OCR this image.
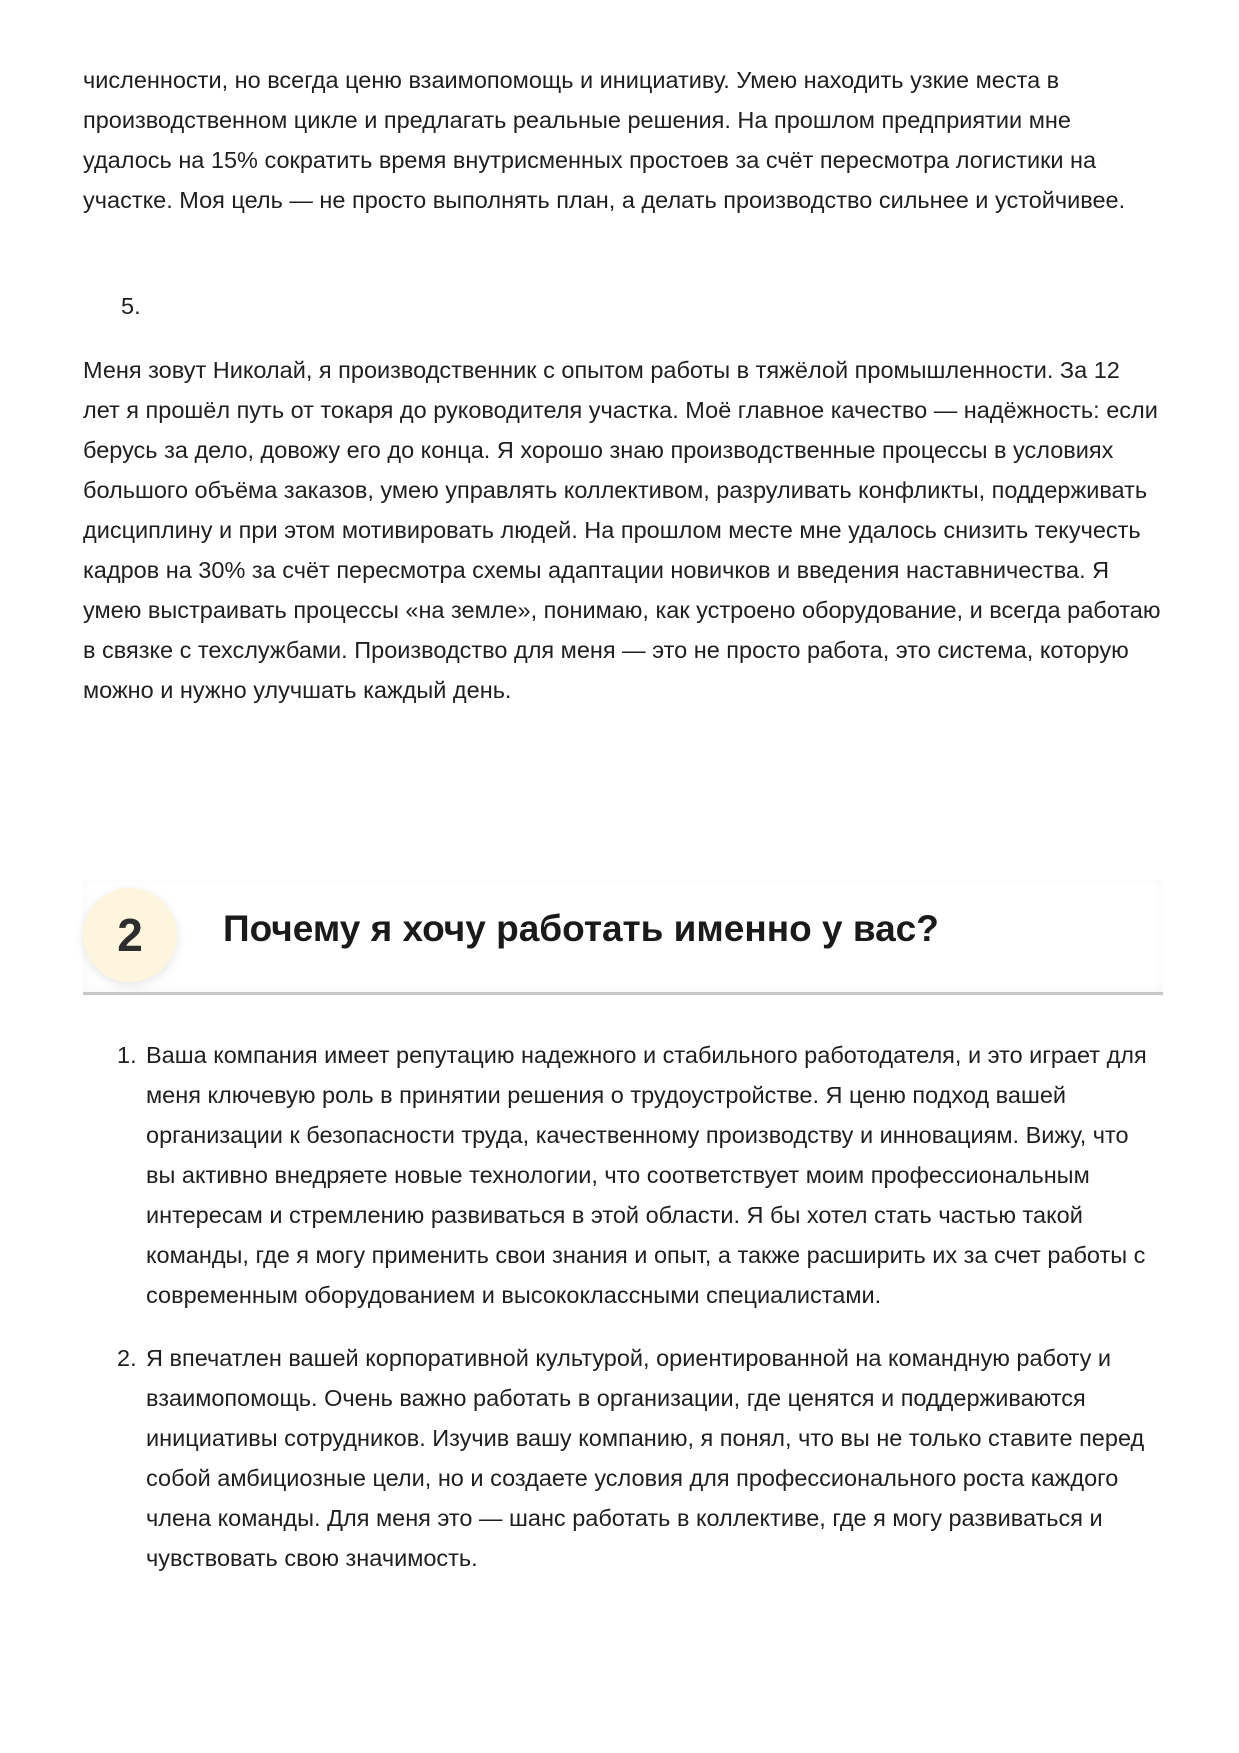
численности, но всегда ценю взаимопомощь и инициативу. Умею находить узкие места в производственном цикле и предлагать реальные решения. На прошлом предприятии мне удалось на 15% сократить время внутрисменных простоев за счёт пересмотра логистики на участке. Моя цель — не просто выполнять план, а делать производство сильнее и устойчивее.

5.

Меня зовут Николай, я производственник с опытом работы в тяжёлой промышленности. За 12 лет я прошёл путь от токаря до руководителя участка. Моё главное качество — надёжность: если берусь за дело, довожу его до конца. Я хорошо знаю производственные процессы в условиях большого объёма заказов, умею управлять коллективом, разруливать конфликты, поддерживать дисциплину и при этом мотивировать людей. На прошлом месте мне удалось снизить текучесть кадров на 30% за счёт пересмотра схемы адаптации новичков и введения наставничества. Я умею выстраивать процессы «на земле», понимаю, как устроено оборудование, и всегда работаю в связке с техслужбами. Производство для меня — это не просто работа, это система, которую можно и нужно улучшать каждый день.

2	Почему я хочу работать именно у вас?
1. Ваша компания имеет репутацию надежного и стабильного работодателя, и это играет для меня ключевую роль в принятии решения о трудоустройстве. Я ценю подход вашей организации к безопасности труда, качественному производству и инновациям. Вижу, что вы активно внедряете новые технологии, что соответствует моим профессиональным интересам и стремлению развиваться в этой области. Я бы хотел стать частью такой команды, где я могу применить свои знания и опыт, а также расширить их за счет работы с современным оборудованием и высококлассными специалистами.
2. Я впечатлен вашей корпоративной культурой, ориентированной на командную работу и взаимопомощь. Очень важно работать в организации, где ценятся и поддерживаются инициативы сотрудников. Изучив вашу компанию, я понял, что вы не только ставите перед собой амбициозные цели, но и создаете условия для профессионального роста каждого члена команды. Для меня это — шанс работать в коллективе, где я могу развиваться и чувствовать свою значимость.
